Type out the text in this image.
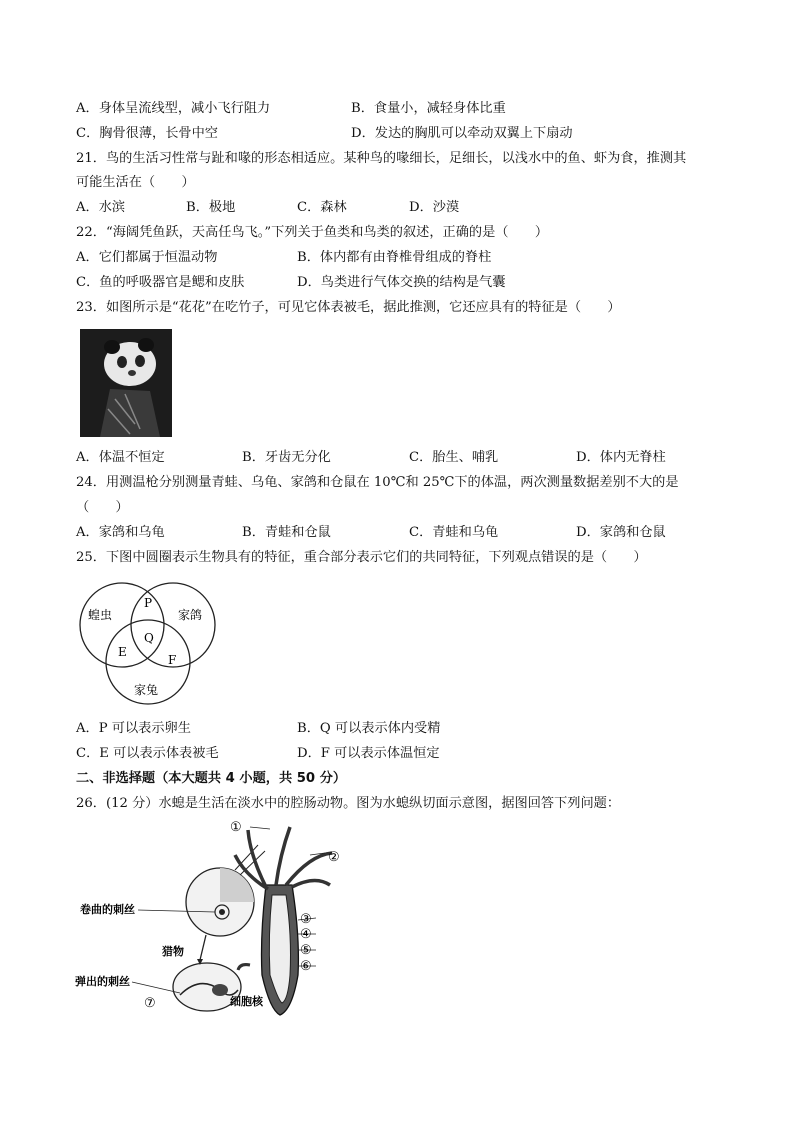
A．身体呈流线型，减小飞行阻力	B．食量小，减轻身体比重
C．胸骨很薄，长骨中空	D．发达的胸肌可以牵动双翼上下扇动
21．鸟的生活习性常与趾和喙的形态相适应。某种鸟的喙细长，足细长，以浅水中的鱼、虾为食，推测其
可能生活在（　　）
A．水滨	B．极地	C．森林	D．沙漠
22．“海阔凭鱼跃，天高任鸟飞。”下列关于鱼类和鸟类的叙述，正确的是（　　）
A．它们都属于恒温动物	B．体内都有由脊椎骨组成的脊柱
C．鱼的呼吸器官是鳃和皮肤	D．鸟类进行气体交换的结构是气囊
23．如图所示是“花花”在吃竹子，可见它体表被毛，据此推测，它还应具有的特征是（　　）
A．体温不恒定	B．牙齿无分化	C．胎生、哺乳	D．体内无脊柱
24．用测温枪分别测量青蛙、乌龟、家鸽和仓鼠在 10℃和 25℃下的体温，两次测量数据差别不大的是
（　　）
A．家鸽和乌龟	B．青蛙和仓鼠	C．青蛙和乌龟	D．家鸽和仓鼠
25．下图中圆圈表示生物具有的特征，重合部分表示它们的共同特征，下列观点错误的是（　　）
蝗虫	家鸽
家兔
P
Q
E
F
A．P 可以表示卵生	B．Q 可以表示体内受精
C．E 可以表示体表被毛	D．F 可以表示体温恒定
二、非选择题（本大题共 4 小题，共 50 分）
26．(12 分）水螅是生活在淡水中的腔肠动物。图为水螅纵切面示意图，据图回答下列问题：
①
②
③
④
⑤
⑥
⑦
卷曲的刺丝
猎物
弹出的刺丝
细胞核
